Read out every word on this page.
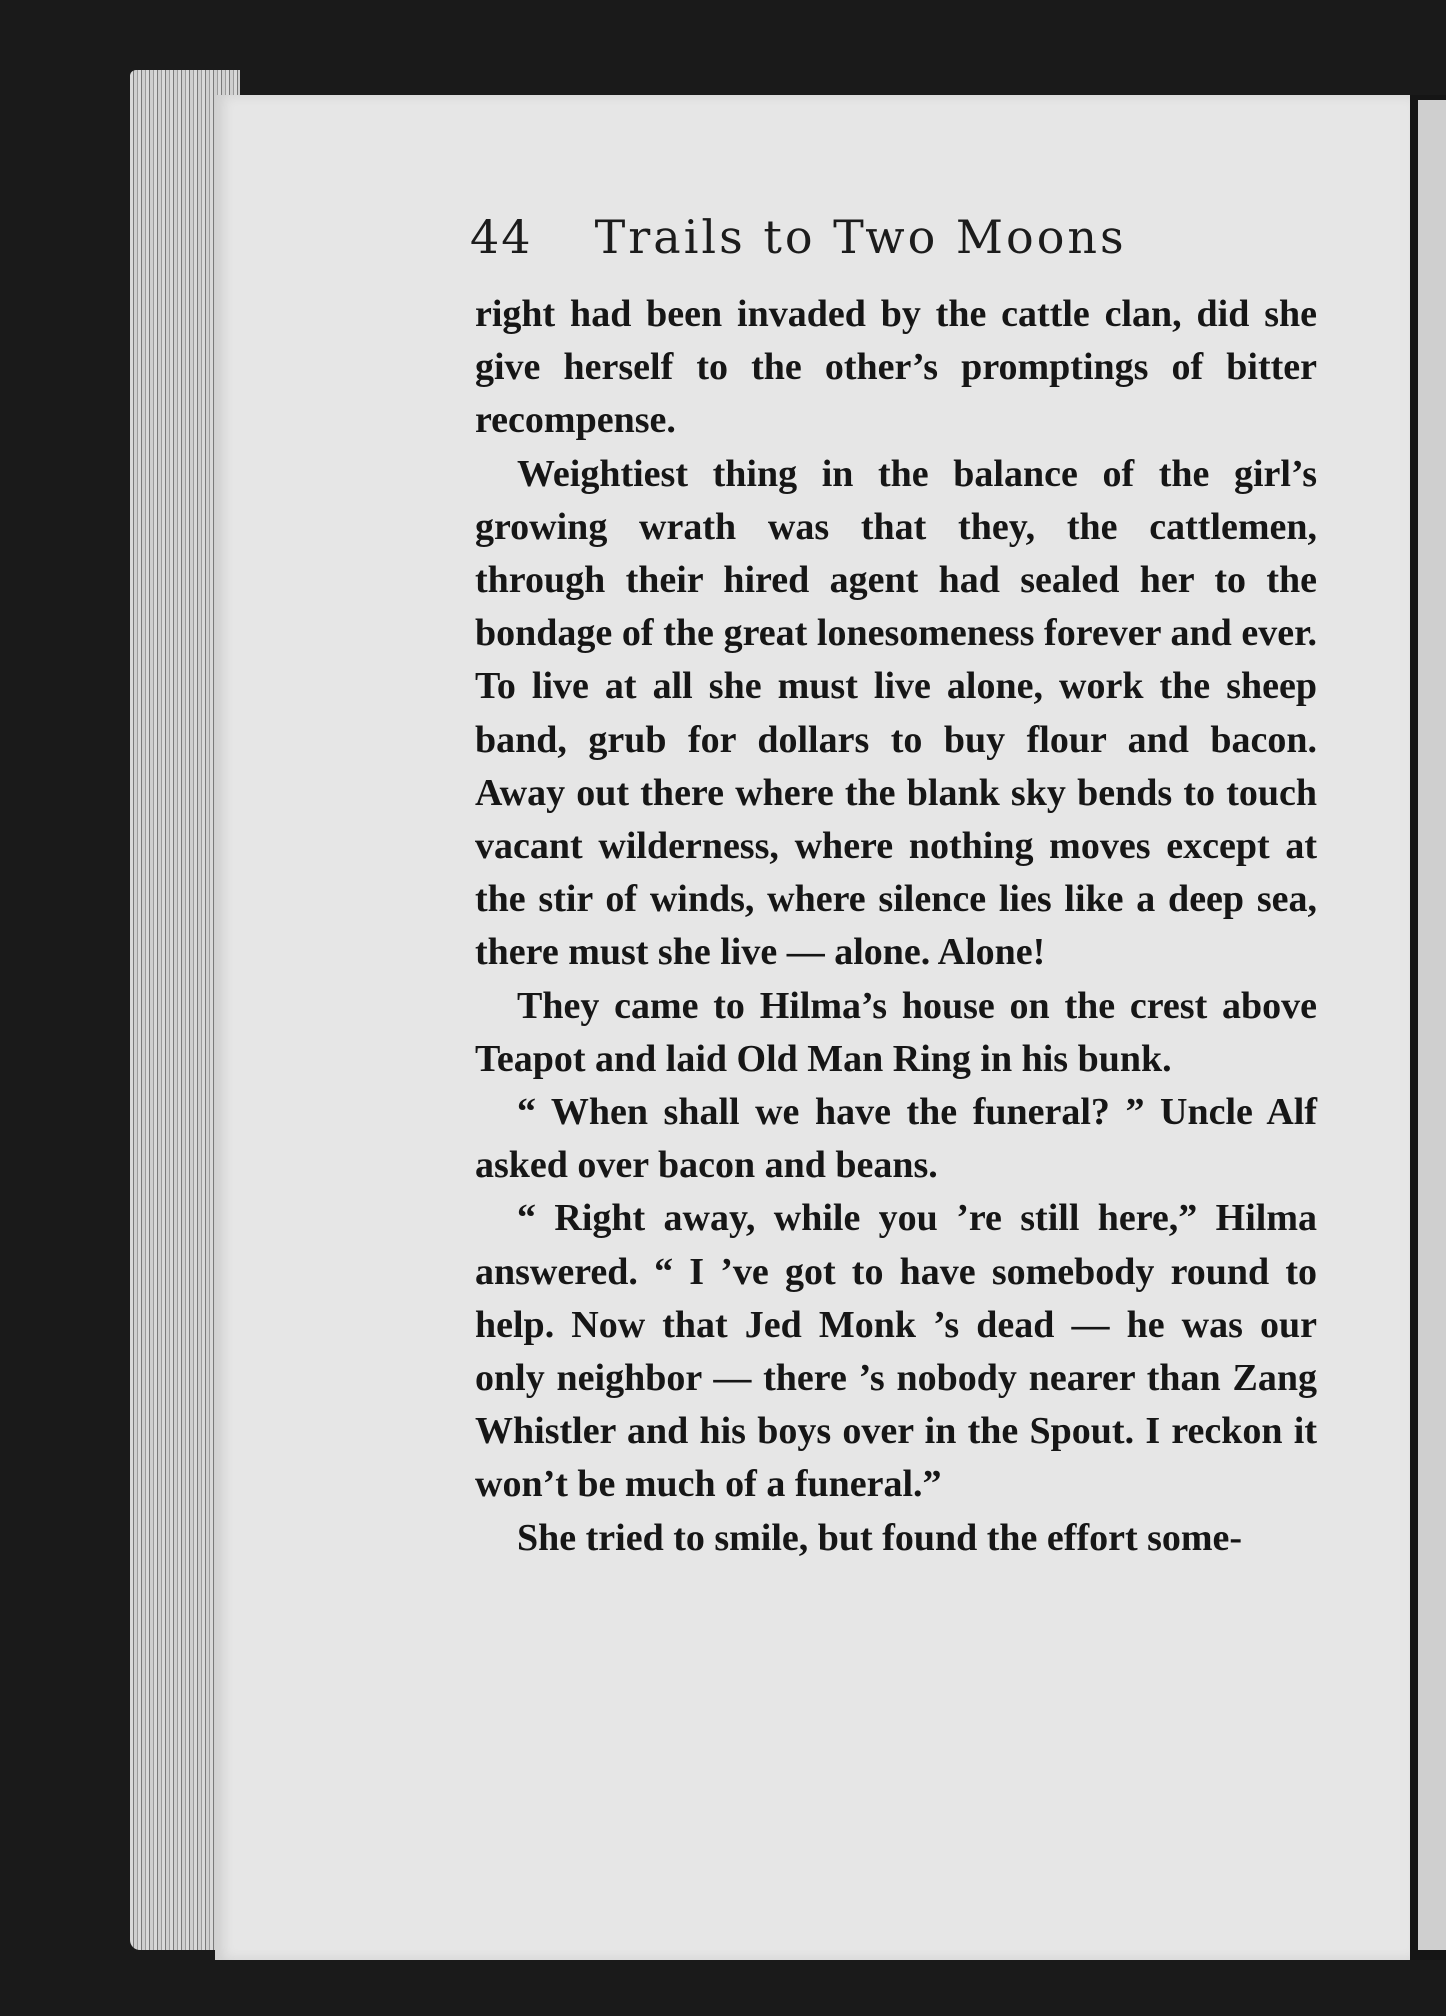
44 Trails to Two Moons

right had been invaded by the cattle clan, did she give herself to the other’s promptings of bitter recompense.

Weightiest thing in the balance of the girl’s growing wrath was that they, the cattlemen, through their hired agent had sealed her to the bondage of the great lonesomeness forever and ever. To live at all she must live alone, work the sheep band, grub for dollars to buy flour and bacon. Away out there where the blank sky bends to touch vacant wilderness, where nothing moves except at the stir of winds, where silence lies like a deep sea, there must she live — alone. Alone!

They came to Hilma’s house on the crest above Teapot and laid Old Man Ring in his bunk.

“ When shall we have the funeral? ” Uncle Alf asked over bacon and beans.

“ Right away, while you ’re still here,” Hilma answered. “ I ’ve got to have somebody round to help. Now that Jed Monk ’s dead — he was our only neighbor — there ’s nobody nearer than Zang Whistler and his boys over in the Spout. I reckon it won’t be much of a funeral.”

She tried to smile, but found the effort some-
